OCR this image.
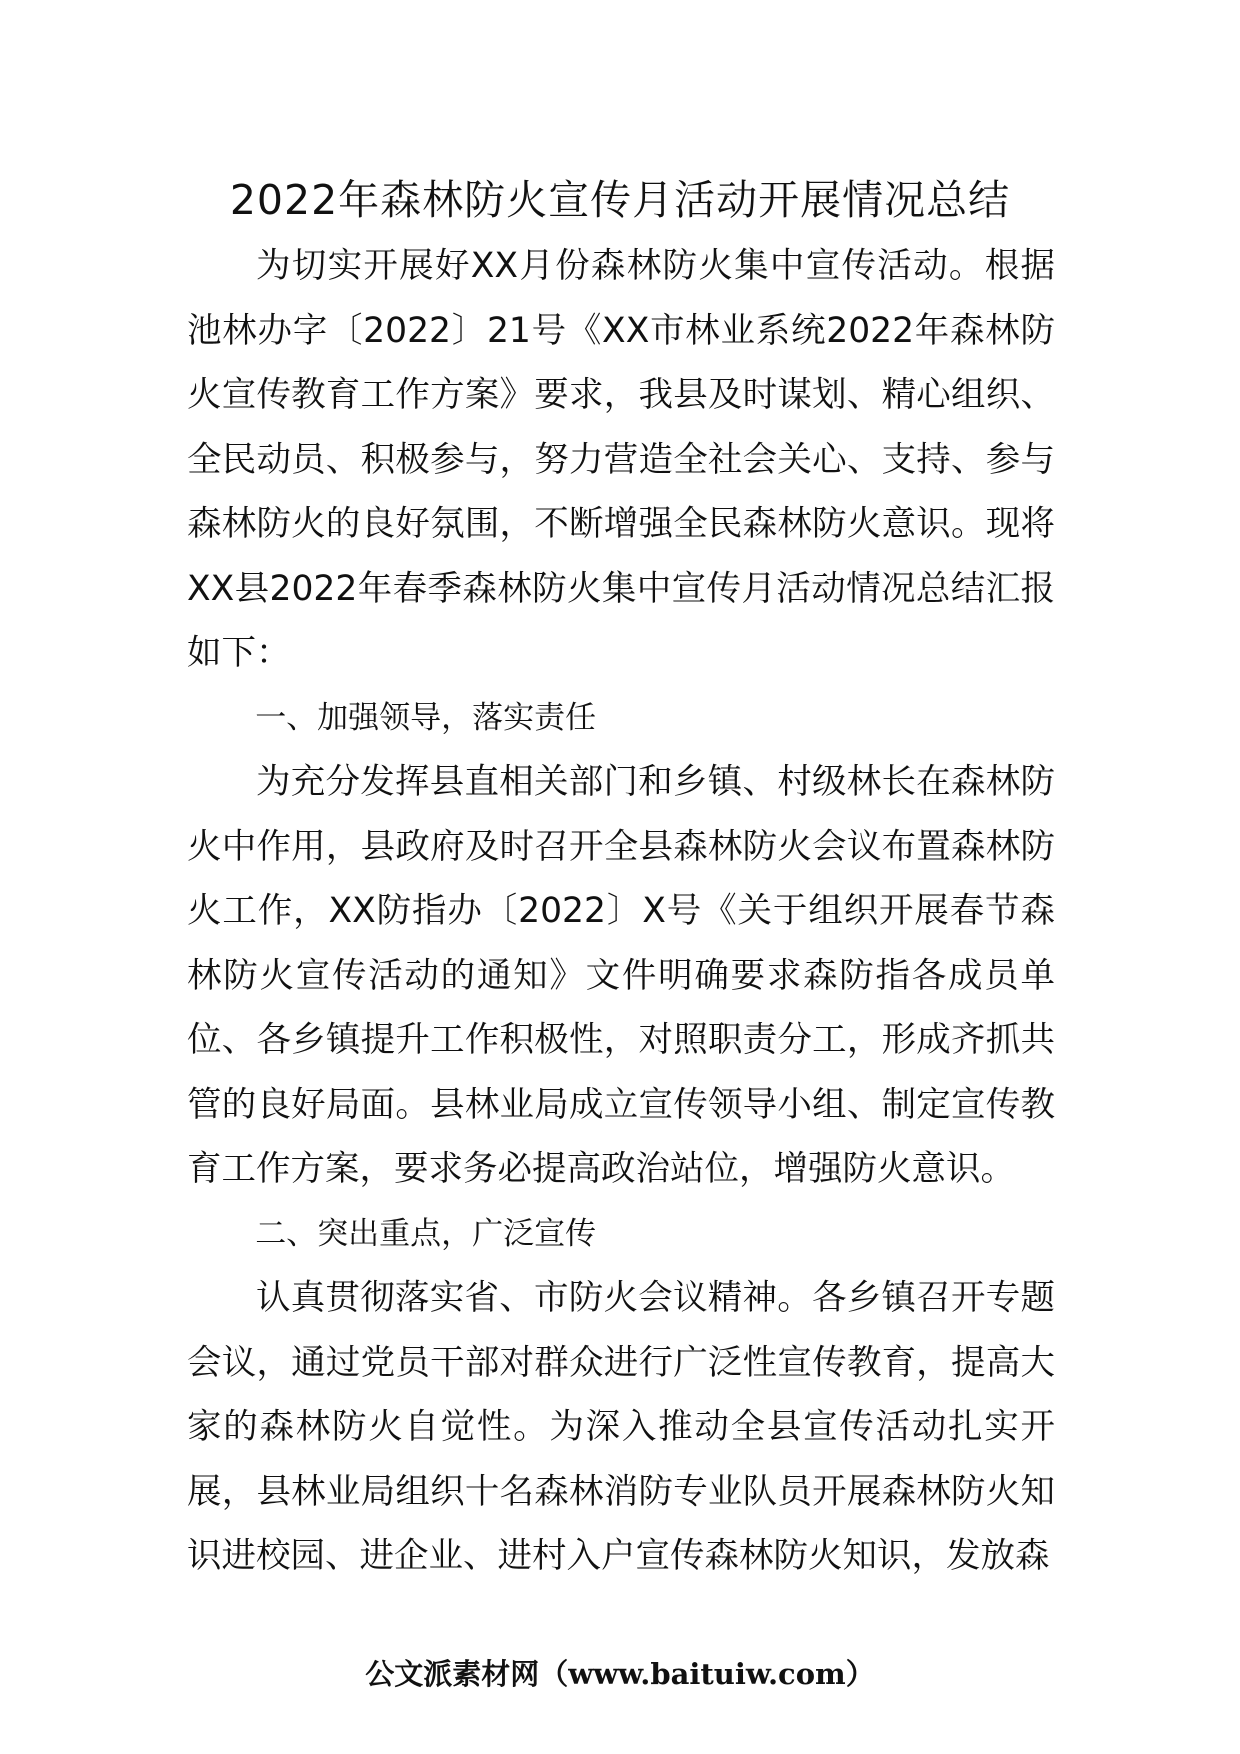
2022年森林防火宣传月活动开展情况总结

为切实开展好XX月份森林防火集中宣传活动。根据池林办字〔2022〕21号《XX市林业系统2022年森林防火宣传教育工作方案》要求，我县及时谋划、精心组织、全民动员、积极参与，努力营造全社会关心、支持、参与森林防火的良好氛围，不断增强全民森林防火意识。现将XX县2022年春季森林防火集中宣传月活动情况总结汇报如下：

一、加强领导，落实责任

为充分发挥县直相关部门和乡镇、村级林长在森林防火中作用，县政府及时召开全县森林防火会议布置森林防火工作，XX防指办〔2022〕X号《关于组织开展春节森林防火宣传活动的通知》文件明确要求森防指各成员单位、各乡镇提升工作积极性，对照职责分工，形成齐抓共管的良好局面。县林业局成立宣传领导小组、制定宣传教育工作方案，要求务必提高政治站位，增强防火意识。

二、突出重点，广泛宣传

认真贯彻落实省、市防火会议精神。各乡镇召开专题会议，通过党员干部对群众进行广泛性宣传教育，提高大家的森林防火自觉性。为深入推动全县宣传活动扎实开展，县林业局组织十名森林消防专业队员开展森林防火知识进校园、进企业、进村入户宣传森林防火知识，发放森

公文派素材网（www.baituiw.com）
